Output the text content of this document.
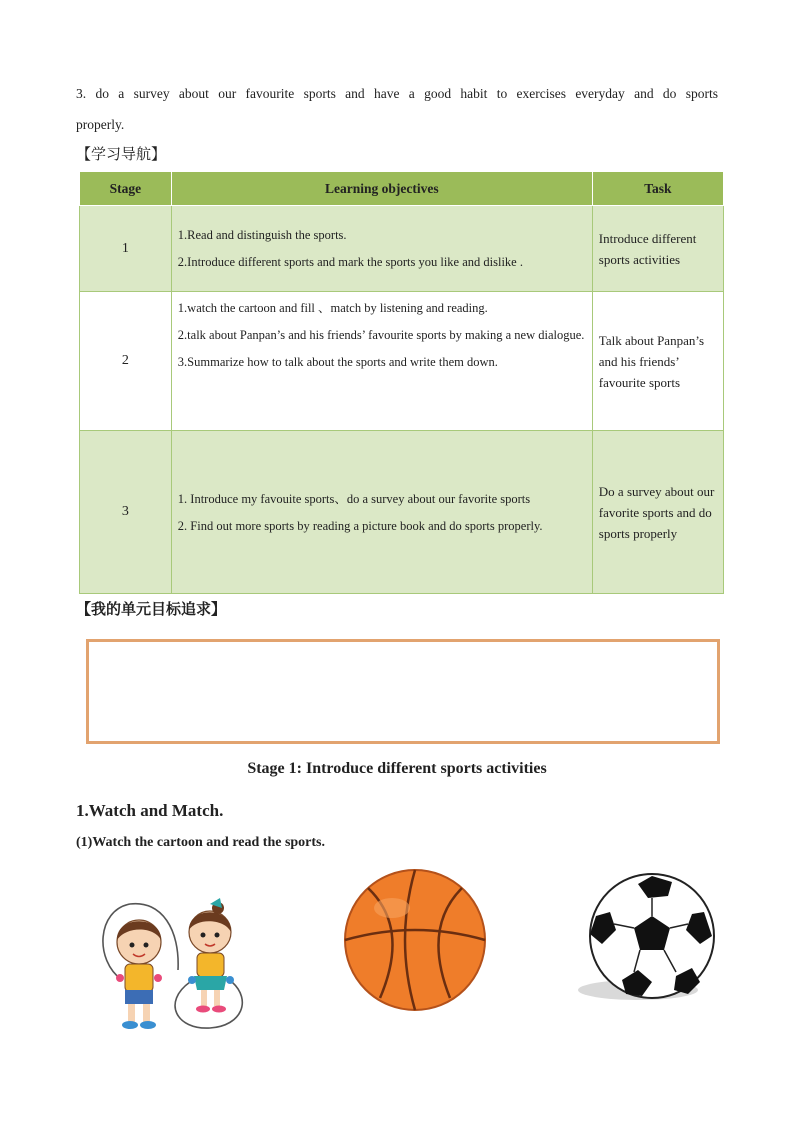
3. do a survey about our favourite sports and have a good habit to exercises everyday and do sports properly.
【学习导航】
Stage	Learning objectives	Task
1	1.Read and distinguish the sports.

2.Introduce different sports and mark the sports you like and dislike .	Introduce different sports activities
2	1.watch the cartoon and fill 、match by listening and reading.

2.talk about Panpan’s and his friends’ favourite sports by making a new dialogue.

3.Summarize how to talk about the sports and write them down.	Talk about Panpan’s and his friends’ favourite sports
3	1. Introduce my favouite sports、do a survey about our favorite sports

2. Find out more sports by reading a picture book and do sports properly.	Do a survey about our favorite sports and do sports properly
【我的单元目标追求】
Stage 1: Introduce different sports activities
1.Watch and Match.
(1)Watch the cartoon and read the sports.
